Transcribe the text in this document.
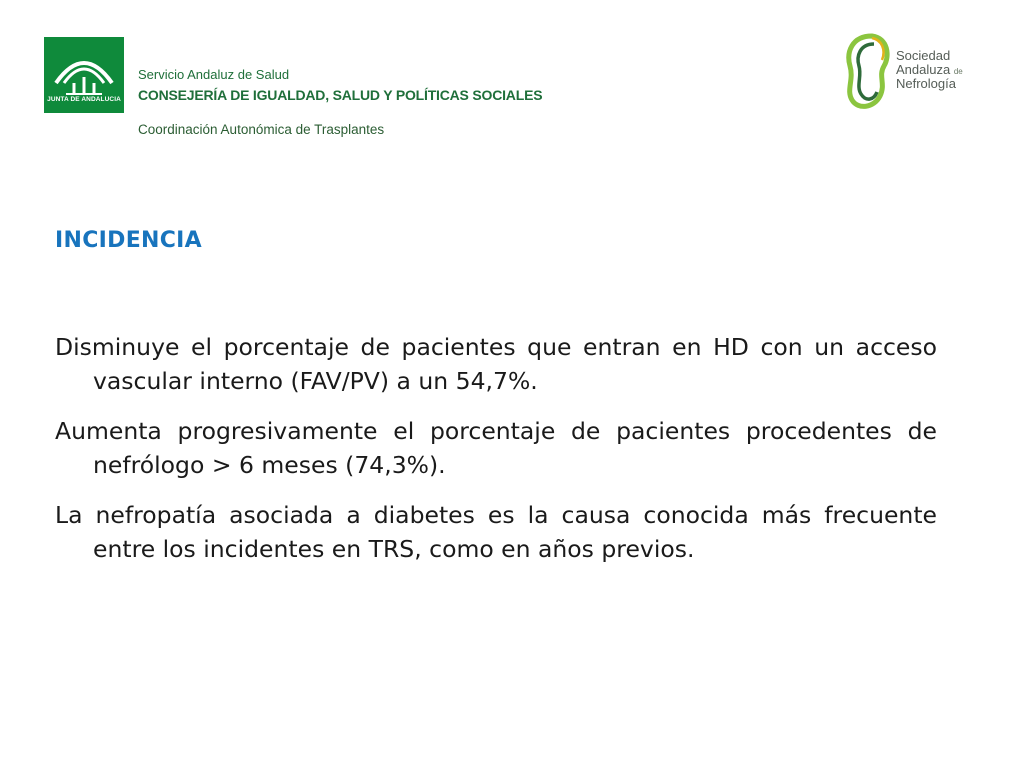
JUNTA DE ANDALUCIA
Servicio Andaluz de Salud
CONSEJERÍA DE IGUALDAD, SALUD Y POLÍTICAS SOCIALES
Coordinación Autonómica de Trasplantes
Sociedad
Andaluza de
Nefrología
INCIDENCIA

Disminuye el porcentaje de pacientes que entran en HD con un acceso vascular interno (FAV/PV) a un 54,7%.

Aumenta progresivamente el porcentaje de pacientes procedentes de nefrólogo > 6 meses (74,3%).

La nefropatía asociada a diabetes es la causa conocida más frecuente entre los incidentes en TRS, como en años previos.
